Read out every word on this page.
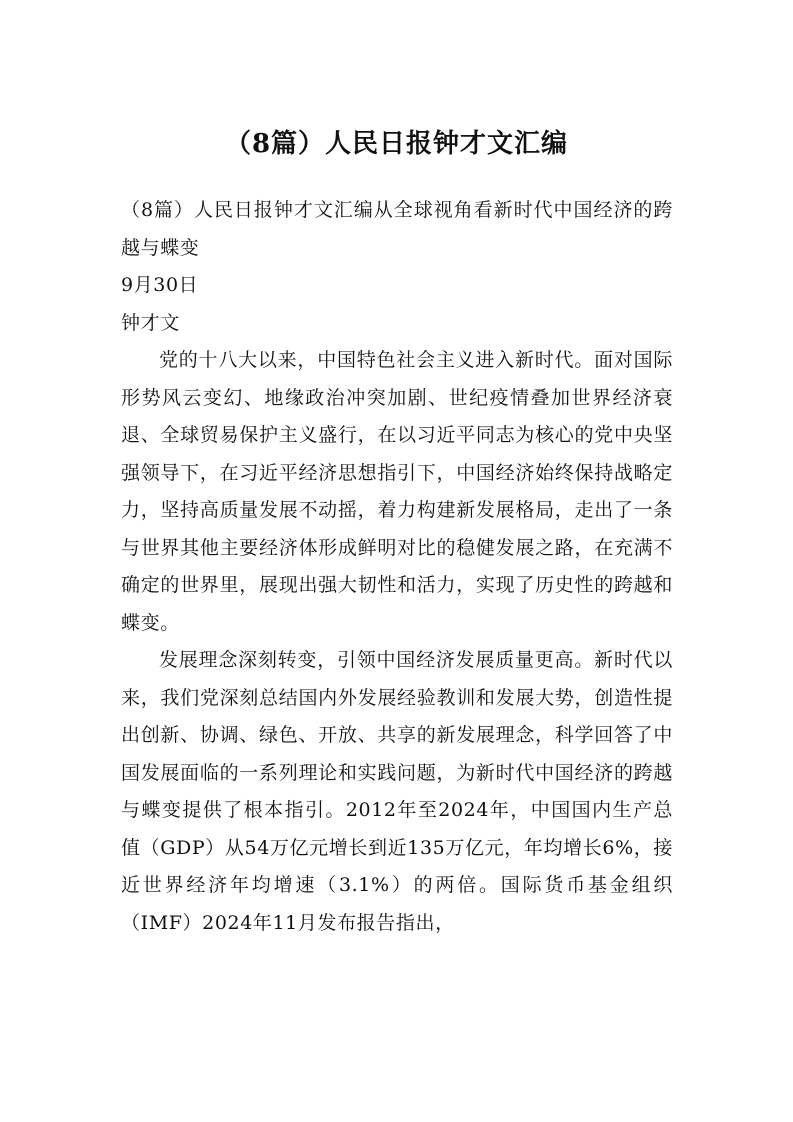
（8篇）人民日报钟才文汇编

（8篇）人民日报钟才文汇编从全球视角看新时代中国经济的跨越与蝶变

9月30日

钟才文

党的十八大以来，中国特色社会主义进入新时代。面对国际形势风云变幻、地缘政治冲突加剧、世纪疫情叠加世界经济衰退、全球贸易保护主义盛行，在以习近平同志为核心的党中央坚强领导下，在习近平经济思想指引下，中国经济始终保持战略定力，坚持高质量发展不动摇，着力构建新发展格局，走出了一条与世界其他主要经济体形成鲜明对比的稳健发展之路，在充满不确定的世界里，展现出强大韧性和活力，实现了历史性的跨越和蝶变。

发展理念深刻转变，引领中国经济发展质量更高。新时代以来，我们党深刻总结国内外发展经验教训和发展大势，创造性提出创新、协调、绿色、开放、共享的新发展理念，科学回答了中国发展面临的一系列理论和实践问题，为新时代中国经济的跨越与蝶变提供了根本指引。2012年至2024年，中国国内生产总值（GDP）从54万亿元增长到近135万亿元，年均增长6%，接近世界经济年均增速（3.1%）的两倍。国际货币基金组织（IMF）2024年11月发布报告指出，
